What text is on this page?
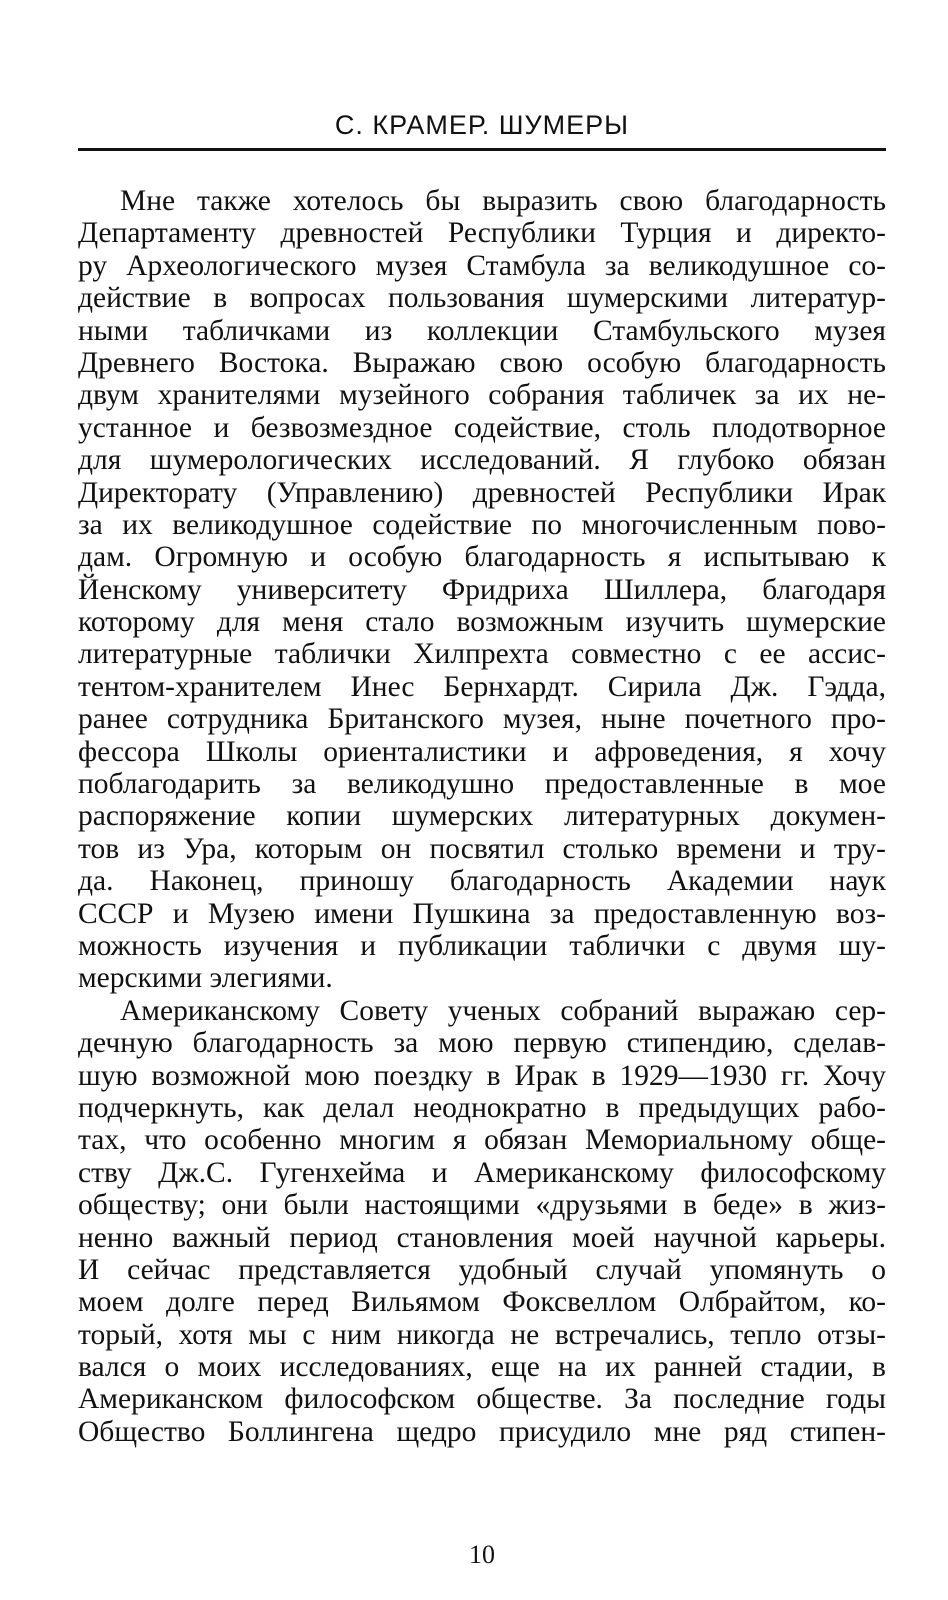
С. КРАМЕР. ШУМЕРЫ
Мне также хотелось бы выразить свою благодарность
Департаменту древностей Республики Турция и директо-
ру Археологического музея Стамбула за великодушное со-
действие в вопросах пользования шумерскими литератур-
ными табличками из коллекции Стамбульского музея
Древнего Востока. Выражаю свою особую благодарность
двум хранителями музейного собрания табличек за их не-
устанное и безвозмездное содействие, столь плодотворное
для шумерологических исследований. Я глубоко обязан
Директорату (Управлению) древностей Республики Ирак
за их великодушное содействие по многочисленным пово-
дам. Огромную и особую благодарность я испытываю к
Йенскому университету Фридриха Шиллера, благодаря
которому для меня стало возможным изучить шумерские
литературные таблички Хилпрехта совместно с ее ассис-
тентом-хранителем Инес Бернхардт. Сирила Дж. Гэдда,
ранее сотрудника Британского музея, ныне почетного про-
фессора Школы ориенталистики и афроведения, я хочу
поблагодарить за великодушно предоставленные в мое
распоряжение копии шумерских литературных докумен-
тов из Ура, которым он посвятил столько времени и тру-
да. Наконец, приношу благодарность Академии наук
СССР и Музею имени Пушкина за предоставленную воз-
можность изучения и публикации таблички с двумя шу-
мерскими элегиями.
Американскому Совету ученых собраний выражаю сер-
дечную благодарность за мою первую стипендию, сделав-
шую возможной мою поездку в Ирак в 1929—1930 гг. Хочу
подчеркнуть, как делал неоднократно в предыдущих рабо-
тах, что особенно многим я обязан Мемориальному обще-
ству Дж.С. Гугенхейма и Американскому философскому
обществу; они были настоящими «друзьями в беде» в жиз-
ненно важный период становления моей научной карьеры.
И сейчас представляется удобный случай упомянуть о
моем долге перед Вильямом Фоксвеллом Олбрайтом, ко-
торый, хотя мы с ним никогда не встречались, тепло отзы-
вался о моих исследованиях, еще на их ранней стадии, в
Американском философском обществе. За последние годы
Общество Боллингена щедро присудило мне ряд стипен-
10
